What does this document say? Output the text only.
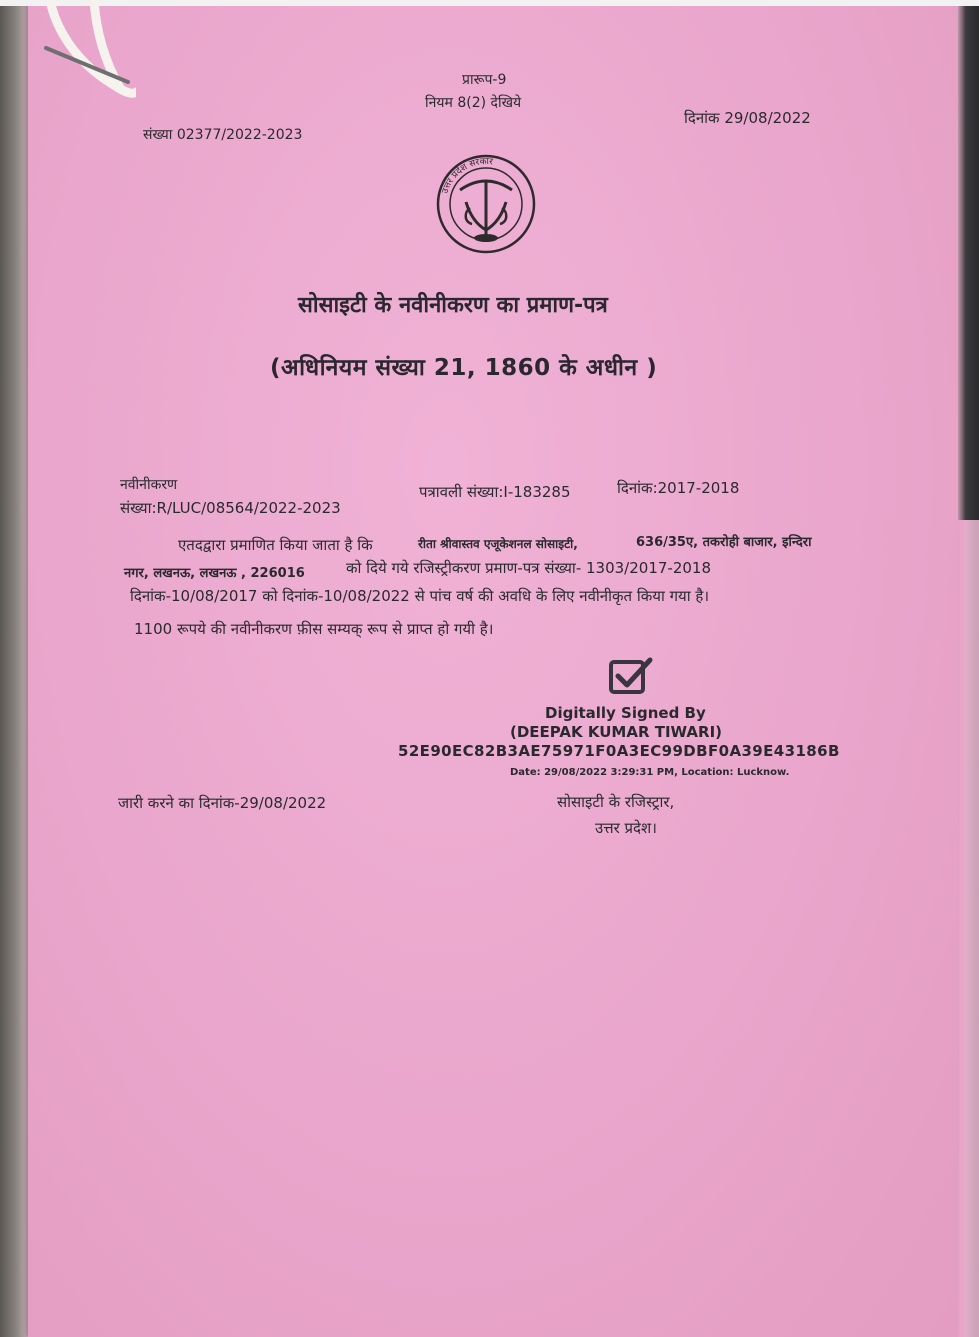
प्रारूप-9
नियम 8(2) देखिये
संख्या 02377/2022-2023
दिनांक 29/08/2022
उत्तर प्रदेश सरकार
सोसाइटी के नवीनीकरण का प्रमाण-पत्र
(अधिनियम संख्या 21, 1860 के अधीन )
नवीनीकरण
संख्या:R/LUC/08564/2022-2023
पत्रावली संख्या:I-183285	दिनांक:2017-2018
एतदद्वारा प्रमाणित किया जाता है कि	रीता श्रीवास्तव एजूकेशनल सोसाइटी,	636/35ए, तकरोही बाजार, इन्दिरा
नगर, लखनऊ, लखनऊ , 226016	को दिये गये रजिस्ट्रीकरण प्रमाण-पत्र संख्या- 1303/2017-2018
दिनांक-10/08/2017 को दिनांक-10/08/2022 से पांच वर्ष की अवधि के लिए नवीनीकृत किया गया है।
1100 रूपये की नवीनीकरण फ़ीस सम्यक् रूप से प्राप्त हो गयी है।
Digitally Signed By
(DEEPAK KUMAR TIWARI)
52E90EC82B3AE75971F0A3EC99DBF0A39E43186B
Date: 29/08/2022 3:29:31 PM, Location: Lucknow.
जारी करने का दिनांक-29/08/2022	सोसाइटी के रजिस्ट्रार,
उत्तर प्रदेश।
